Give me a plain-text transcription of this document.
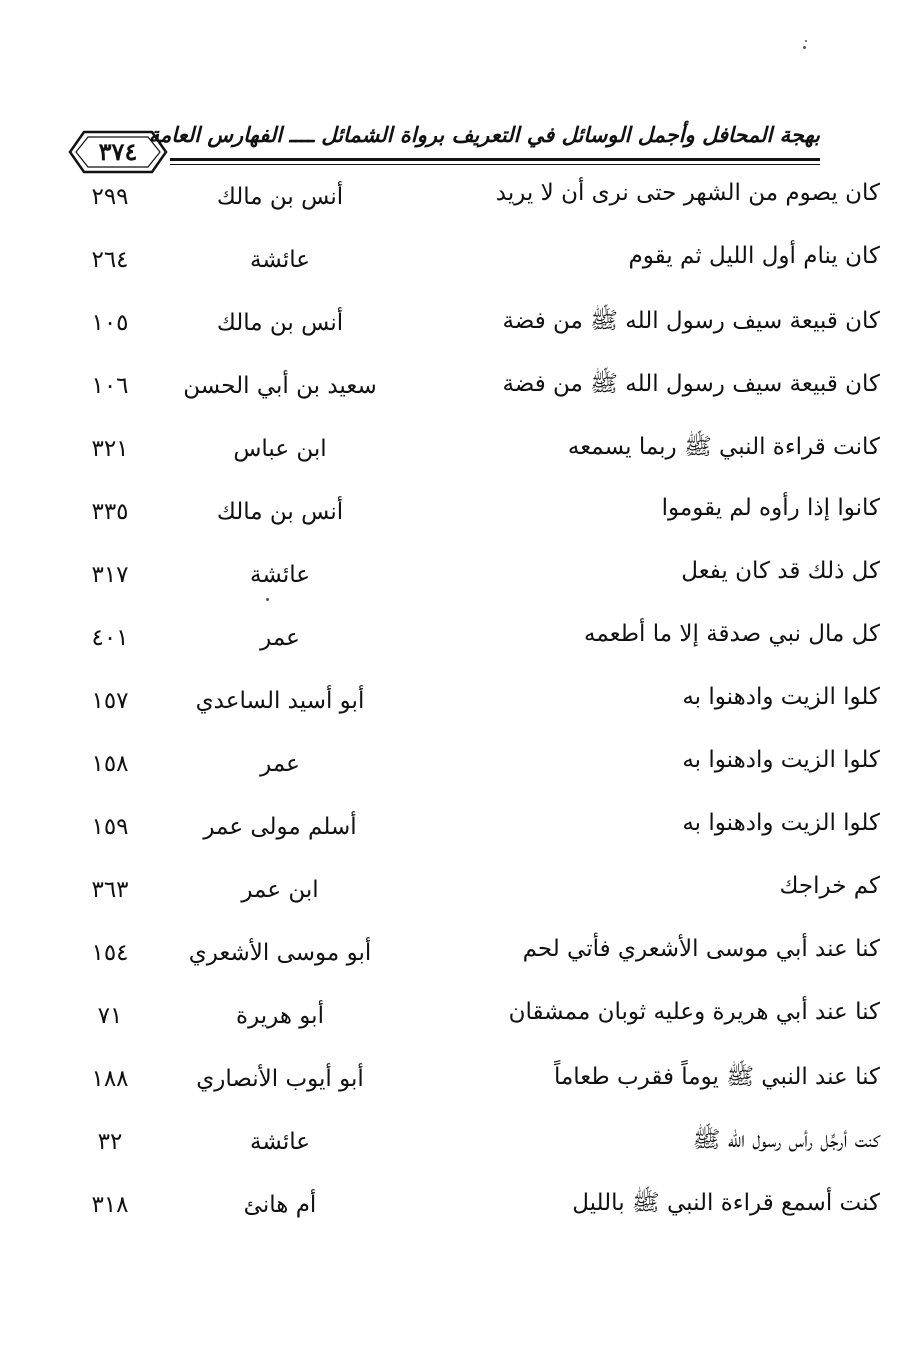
بهجة المحافل وأجمل الوسائل في التعريف برواة الشمائل ــــ الفهارس العامة
٣٧٤
كان يصوم من الشهر حتى نرى أن لا يريد
أنس بن مالك
٢٩٩
كان ينام أول الليل ثم يقوم
عائشة
٢٦٤
كان قبيعة سيف رسول الله ﷺ من فضة
أنس بن مالك
١٠٥
كان قبيعة سيف رسول الله ﷺ من فضة
سعيد بن أبي الحسن
١٠٦
كانت قراءة النبي ﷺ ربما يسمعه
ابن عباس
٣٢١
كانوا إذا رأوه لم يقوموا
أنس بن مالك
٣٣٥
كل ذلك قد كان يفعل
عائشة
٣١٧
كل مال نبي صدقة إلا ما أطعمه
عمر
٤٠١
كلوا الزيت وادهنوا به
أبو أسيد الساعدي
١٥٧
كلوا الزيت وادهنوا به
عمر
١٥٨
كلوا الزيت وادهنوا به
أسلم مولى عمر
١٥٩
كم خراجك
ابن عمر
٣٦٣
كنا عند أبي موسى الأشعري فأتي لحم
أبو موسى الأشعري
١٥٤
كنا عند أبي هريرة وعليه ثوبان ممشقان
أبو هريرة
٧١
كنا عند النبي ﷺ يوماً فقرب طعاماً
أبو أيوب الأنصاري
١٨٨
كنت أرجِّل رأس رسول الله ﷺ
عائشة
٣٢
كنت أسمع قراءة النبي ﷺ بالليل
أم هانئ
٣١٨
